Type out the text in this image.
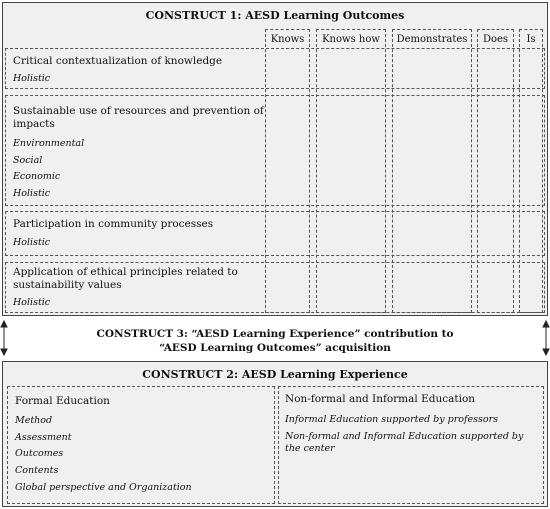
CONSTRUCT 1: AESD Learning Outcomes
Knows	Knows how	Demonstrates	Does	Is
Critical contextualization of knowledge
Holistic
Sustainable use of resources and prevention of
impacts
Environmental
Social
Economic
Holistic
Participation in community processes
Holistic
Application of ethical principles related to
sustainability values
Holistic
CONSTRUCT 3: “AESD Learning Experience” contribution to
“AESD Learning Outcomes” acquisition
CONSTRUCT 2: AESD Learning Experience
Formal Education
Method
Assessment
Outcomes
Contents
Global perspective and Organization
Non-formal and Informal Education
Informal Education supported by professors
Non-formal and Informal Education supported by
the center
